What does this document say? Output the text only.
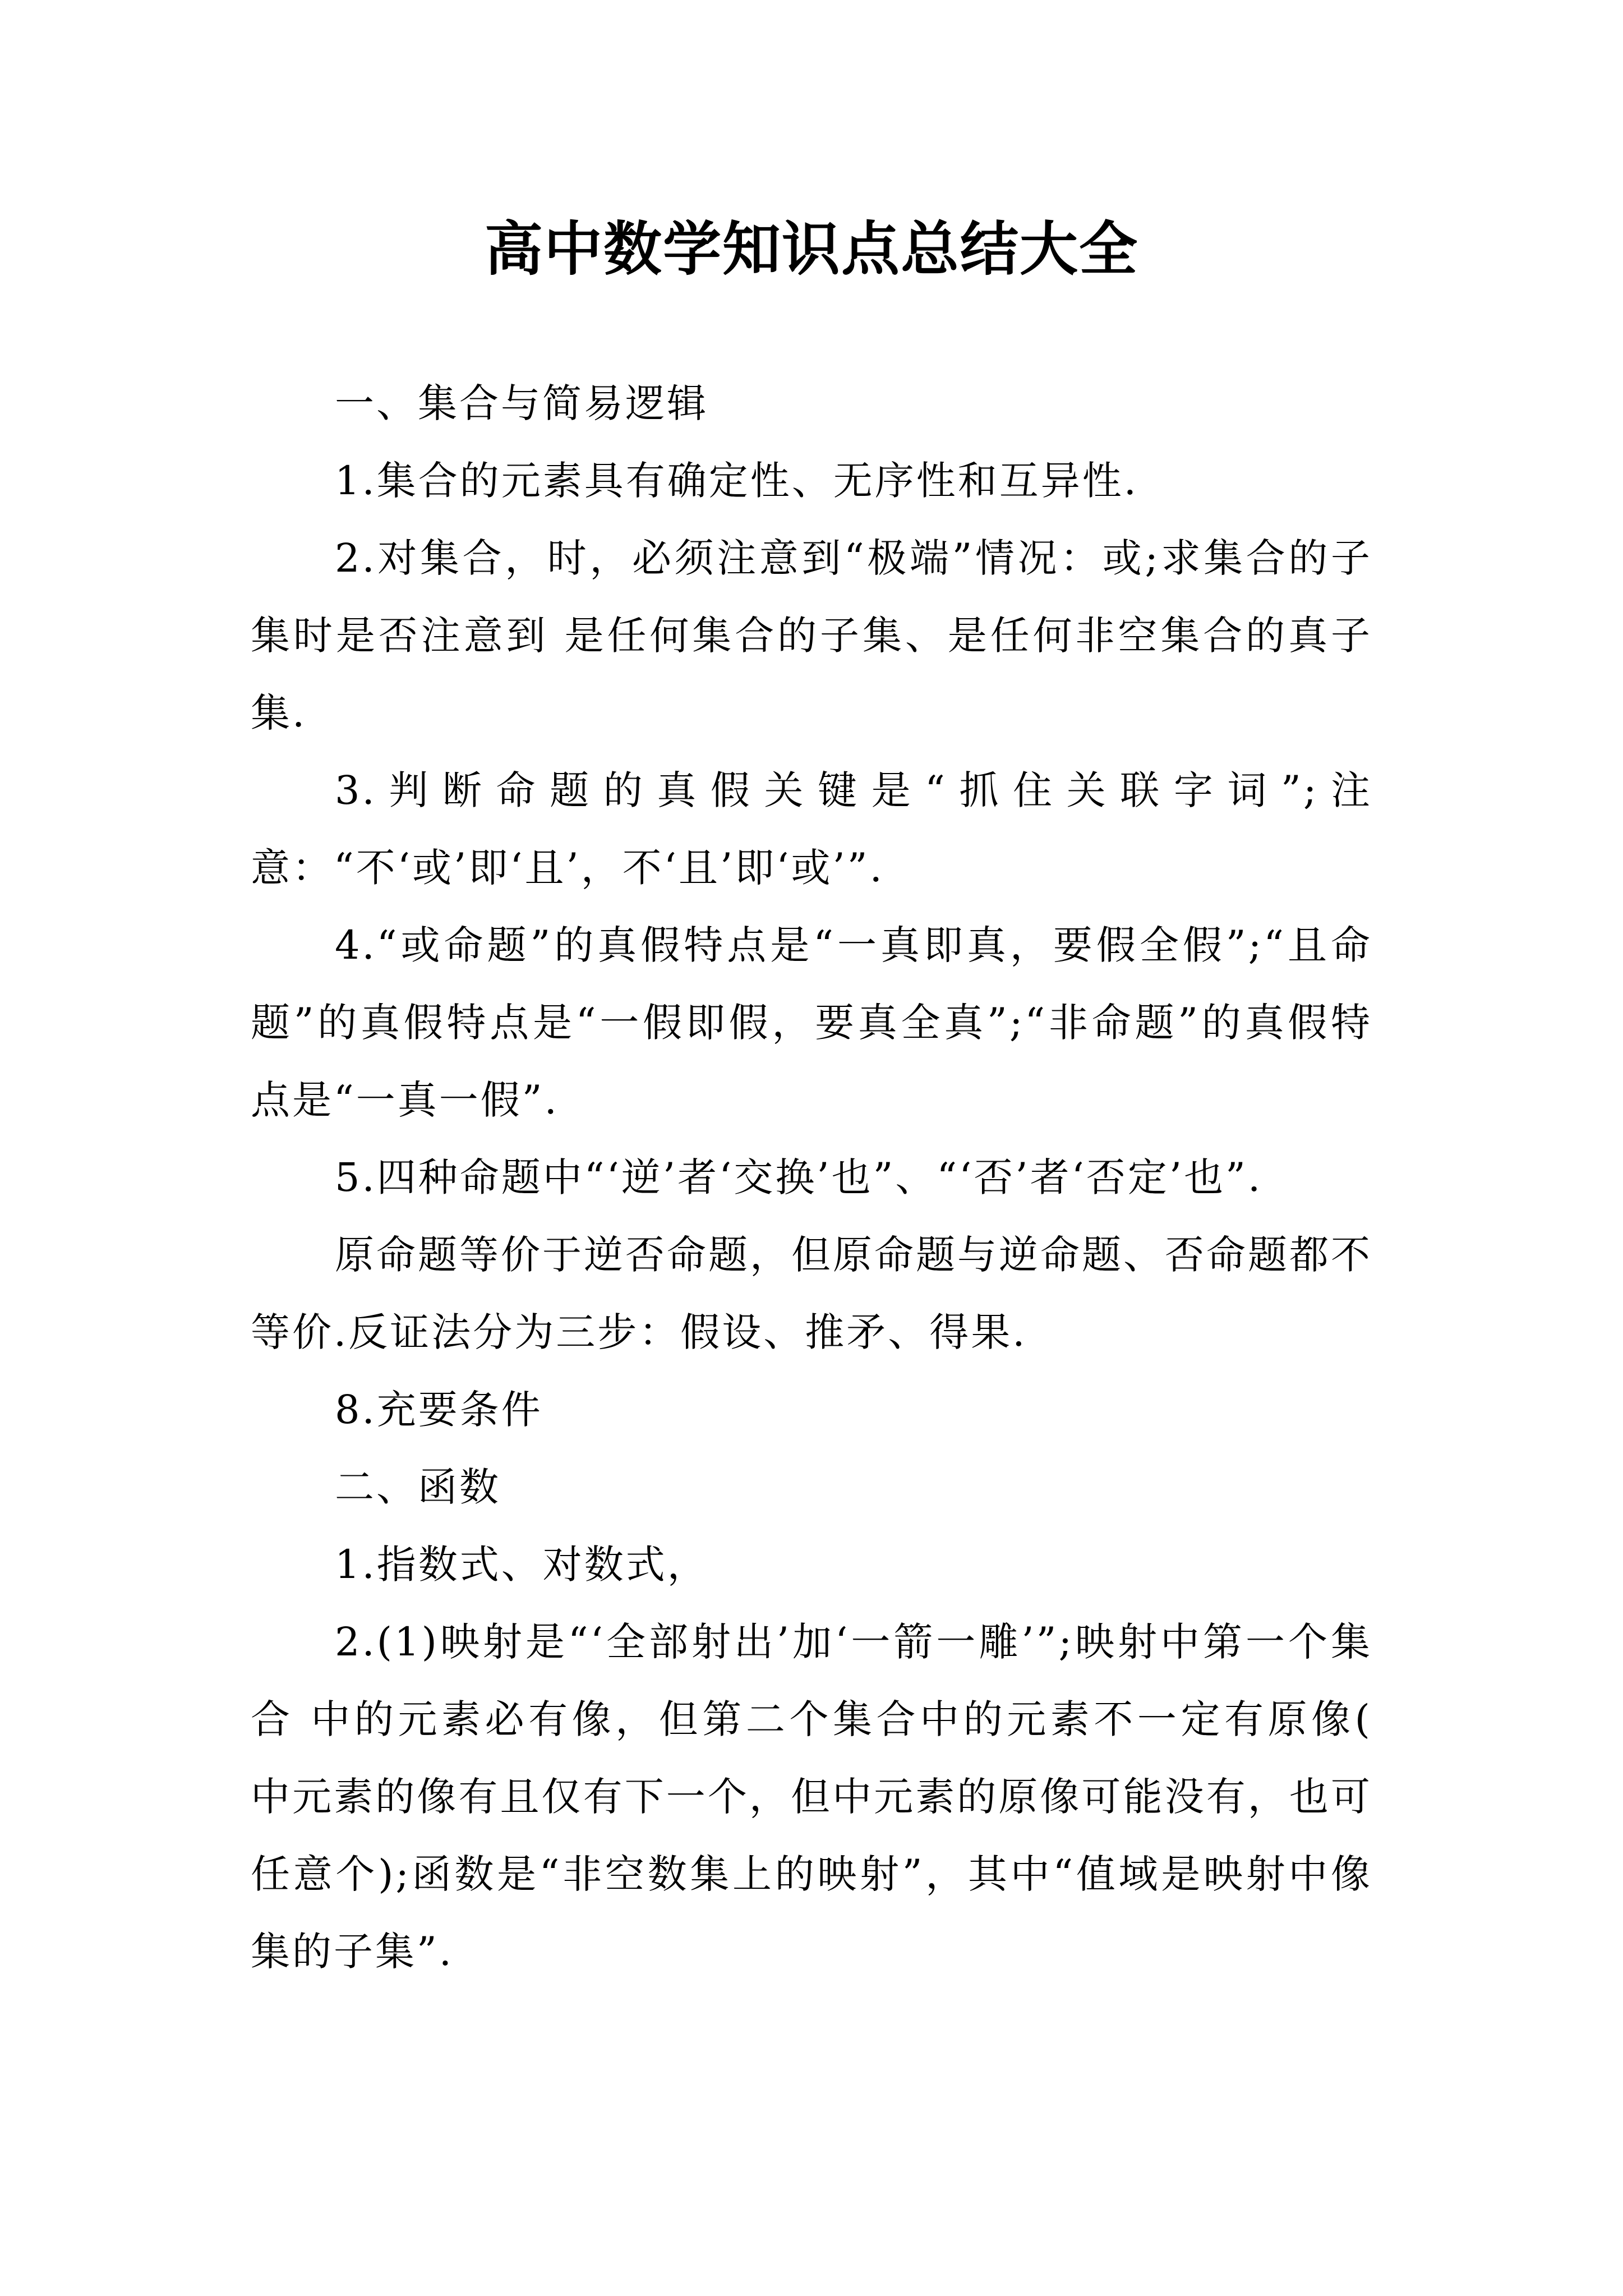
高中数学知识点总结大全

一、集合与简易逻辑

1.集合的元素具有确定性、无序性和互异性.

2.对集合，时，必须注意到“极端”情况：或;求集合的子集时是否注意到 是任何集合的子集、是任何非空集合的真子集.

3.判断命题的真假关键是“抓住关联字词”;注意：“不‘或’即‘且’，不‘且’即‘或’”.

4.“或命题”的真假特点是“一真即真，要假全假”;“且命题”的真假特点是“一假即假，要真全真”;“非命题”的真假特点是“一真一假”.

5.四种命题中“‘逆’者‘交换’也”、“‘否’者‘否定’也”.

原命题等价于逆否命题，但原命题与逆命题、否命题都不等价.反证法分为三步：假设、推矛、得果.

8.充要条件

二、函数

1.指数式、对数式，

2.(1)映射是“‘全部射出’加‘一箭一雕’”;映射中第一个集合 中的元素必有像，但第二个集合中的元素不一定有原像( 中元素的像有且仅有下一个，但中元素的原像可能没有，也可任意个);函数是“非空数集上的映射”，其中“值域是映射中像集的子集”.
